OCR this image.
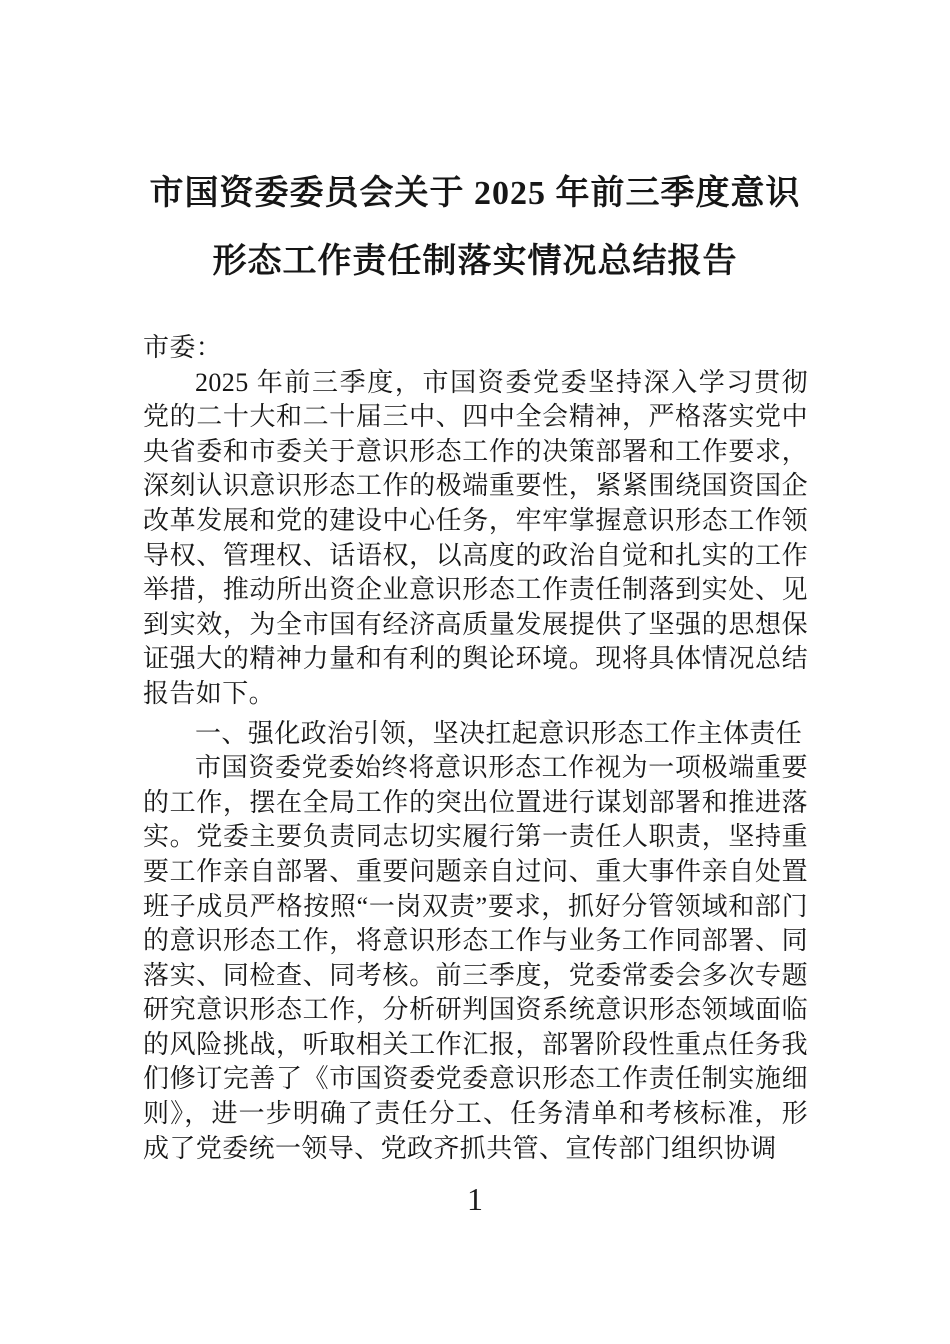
市国资委委员会关于 2025 年前三季度意识
形态工作责任制落实情况总结报告

市委：

2025 年前三季度，市国资委党委坚持深入学习贯彻党的二十大和二十届三中、四中全会精神，严格落实党中央省委和市委关于意识形态工作的决策部署和工作要求，深刻认识意识形态工作的极端重要性，紧紧围绕国资国企改革发展和党的建设中心任务，牢牢掌握意识形态工作领导权、管理权、话语权，以高度的政治自觉和扎实的工作举措，推动所出资企业意识形态工作责任制落到实处、见到实效，为全市国有经济高质量发展提供了坚强的思想保证强大的精神力量和有利的舆论环境。现将具体情况总结报告如下。

一、强化政治引领，坚决扛起意识形态工作主体责任

市国资委党委始终将意识形态工作视为一项极端重要的工作，摆在全局工作的突出位置进行谋划部署和推进落实。党委主要负责同志切实履行第一责任人职责，坚持重要工作亲自部署、重要问题亲自过问、重大事件亲自处置班子成员严格按照“一岗双责”要求，抓好分管领域和部门的意识形态工作，将意识形态工作与业务工作同部署、同落实、同检查、同考核。前三季度，党委常委会多次专题研究意识形态工作，分析研判国资系统意识形态领域面临的风险挑战，听取相关工作汇报，部署阶段性重点任务我们修订完善了《市国资委党委意识形态工作责任制实施细则》，进一步明确了责任分工、任务清单和考核标准，形成了党委统一领导、党政齐抓共管、宣传部门组织协调

1
